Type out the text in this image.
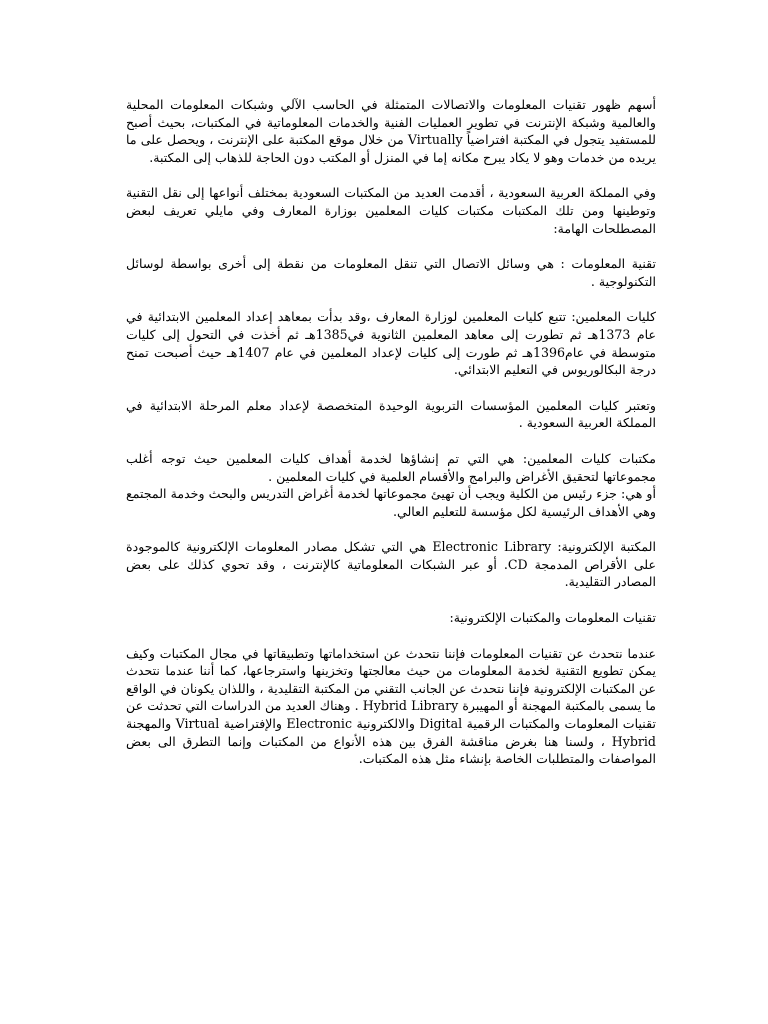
أسهم ظهور تقنيات المعلومات والاتصالات المتمثلة في الحاسب الآلي وشبكات المعلومات المحلية والعالمية وشبكة الإنترنت في تطوير العمليات الفنية والخدمات المعلوماتية في المكتبات، بحيث أصبح للمستفيد يتجول في المكتبة افتراضياً Virtually من خلال موقع المكتبة على الإنترنت ، ويحصل على ما يريده من خدمات وهو لا يكاد يبرح مكانه إما في المنزل أو المكتب دون الحاجة للذهاب إلى المكتبة.

وفي المملكة العربية السعودية ، أقدمت العديد من المكتبات السعودية بمختلف أنواعها إلى نقل التقنية وتوطينها ومن تلك المكتبات مكتبات كليات المعلمين بوزارة المعارف وفي مايلي تعريف لبعض المصطلحات الهامة:

تقنية المعلومات : هي وسائل الاتصال التي تنقل المعلومات من نقطة إلى أخرى بواسطة لوسائل التكنولوجية .

كليات المعلمين: تتبع كليات المعلمين لوزارة المعارف ،وقد بدأت بمعاهد إعداد المعلمين الابتدائية في عام 1373هـ ثم تطورت إلى معاهد المعلمين الثانوية في1385هـ ثم أخذت في التحول إلى كليات متوسطة في عام1396هـ ثم طورت إلى كليات لإعداد المعلمين في عام 1407هـ حيث أصبحت تمنح درجة البكالوريوس في التعليم الابتدائي.

وتعتبر كليات المعلمين المؤسسات التربوية الوحيدة المتخصصة لإعداد معلم المرحلة الابتدائية في المملكة العربية السعودية .

مكتبات كليات المعلمين: هي التي تم إنشاؤها لخدمة أهداف كليات المعلمين حيث توجه أغلب مجموعاتها لتحقيق الأغراض والبرامج والأقسام العلمية في كليات المعلمين .

أو هي: جزء رئيس من الكلية ويجب أن تهيئ مجموعاتها لخدمة أغراض التدريس والبحث وخدمة المجتمع وهي الأهداف الرئيسية لكل مؤسسة للتعليم العالي.

المكتبة الإلكترونية: Electronic Library هي التي تشكل مصادر المعلومات الإلكترونية كالموجودة على الأقراص المدمجة CD. أو عبر الشبكات المعلوماتية كالإنترنت ، وقد تحوي كذلك على بعض المصادر التقليدية.

تقنيات المعلومات والمكتبات الإلكترونية:

عندما نتحدث عن تقنيات المعلومات فإننا نتحدث عن استخداماتها وتطبيقاتها في مجال المكتبات وكيف يمكن تطويع التقنية لخدمة المعلومات من حيث معالجتها وتخزينها واسترجاعها، كما أننا عندما نتحدث عن المكتبات الإلكترونية فإننا نتحدث عن الجانب التقني من المكتبة التقليدية ، واللذان يكونان في الواقع ما يسمى بالمكتبة المهجنة أو المهيبرة Hybrid Library . وهناك العديد من الدراسات التي تحدثت عن تقنيات المعلومات والمكتبات الرقمية Digital والالكترونية Electronic والإفتراضية Virtual والمهجنة Hybrid ، ولسنا هنا بغرض مناقشة الفرق بين هذه الأنواع من المكتبات وإنما التطرق الى بعض المواصفات والمتطلبات الخاصة بإنشاء مثل هذه المكتبات.
